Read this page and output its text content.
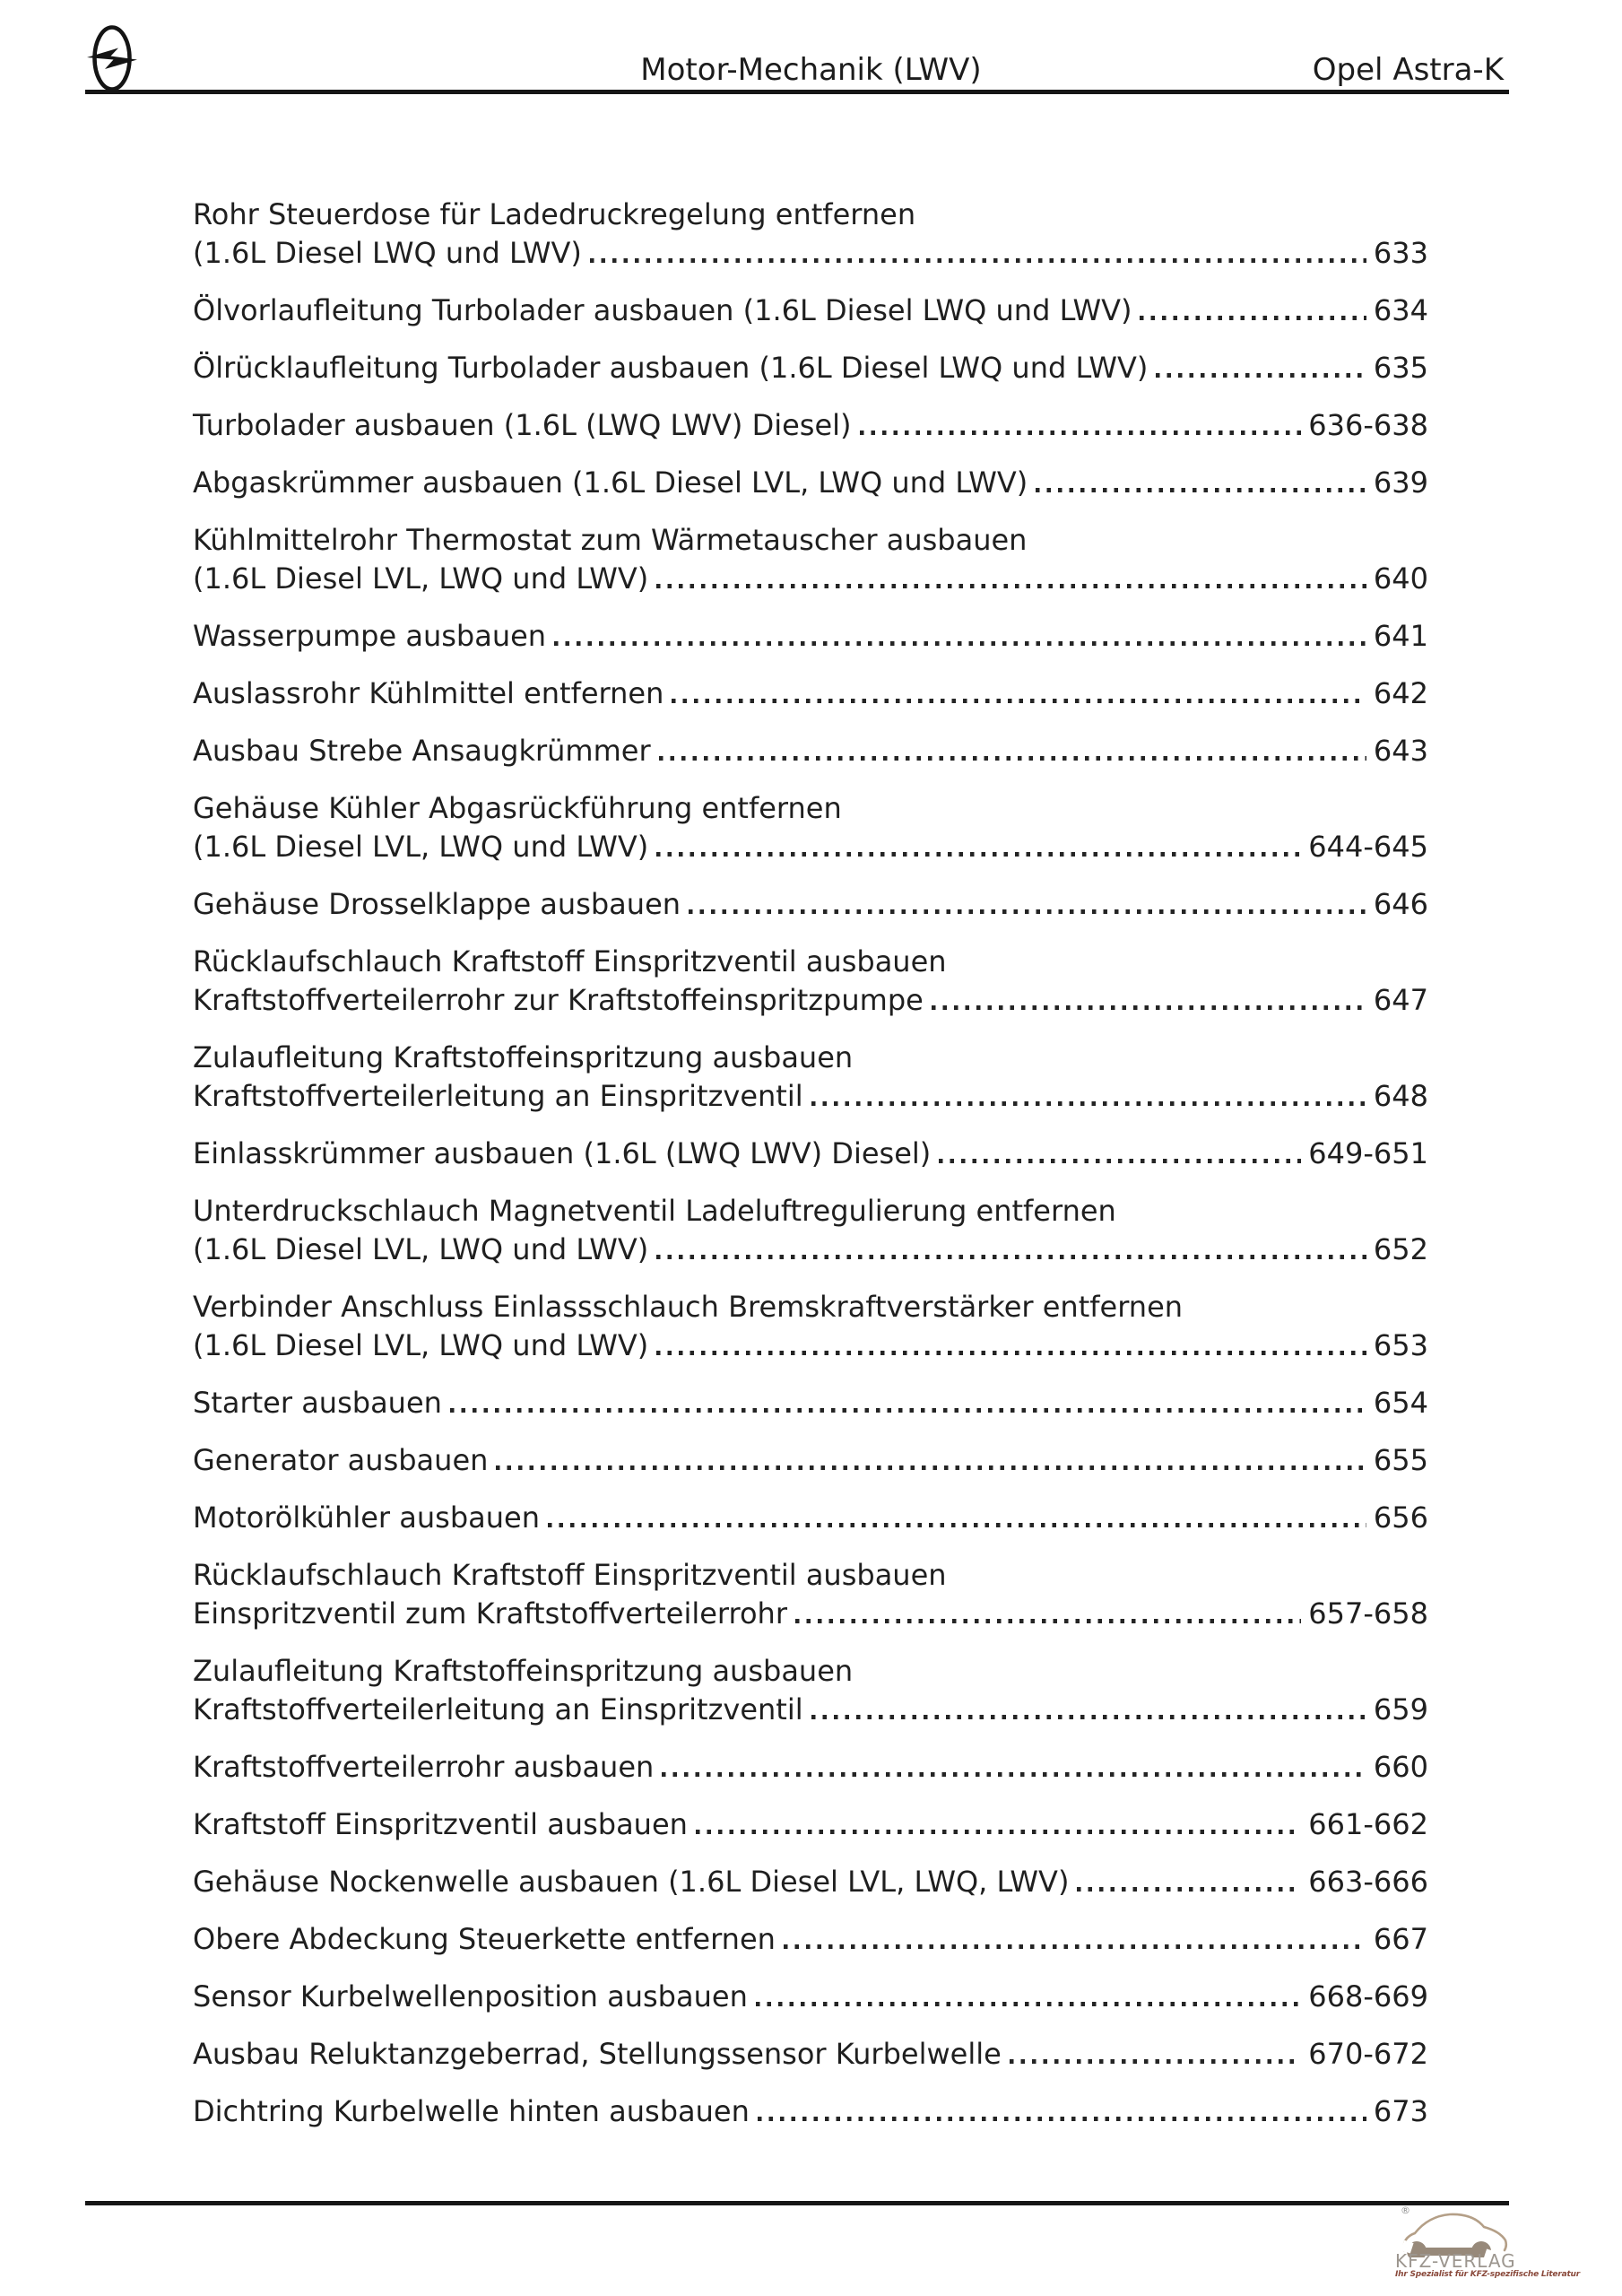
Motor-Mechanik (LWV)	Opel Astra-K
Rohr Steuerdose für Ladedruckregelung entfernen
(1.6L Diesel LWQ und LWV)	633
Ölvorlaufleitung Turbolader ausbauen (1.6L Diesel LWQ und LWV)	634
Ölrücklaufleitung Turbolader ausbauen (1.6L Diesel LWQ und LWV)	635
Turbolader ausbauen (1.6L (LWQ LWV) Diesel)	636-638
Abgaskrümmer ausbauen (1.6L Diesel LVL, LWQ und LWV)	639
Kühlmittelrohr Thermostat zum Wärmetauscher ausbauen
(1.6L Diesel LVL, LWQ und LWV)	640
Wasserpumpe ausbauen	641
Auslassrohr Kühlmittel entfernen	642
Ausbau Strebe Ansaugkrümmer	643
Gehäuse Kühler Abgasrückführung entfernen
(1.6L Diesel LVL, LWQ und LWV)	644-645
Gehäuse Drosselklappe ausbauen	646
Rücklaufschlauch Kraftstoff Einspritzventil ausbauen
Kraftstoffverteilerrohr zur Kraftstoffeinspritzpumpe	647
Zulaufleitung Kraftstoffeinspritzung ausbauen
Kraftstoffverteilerleitung an Einspritzventil	648
Einlasskrümmer ausbauen (1.6L (LWQ LWV) Diesel)	649-651
Unterdruckschlauch Magnetventil Ladeluftregulierung entfernen
(1.6L Diesel LVL, LWQ und LWV)	652
Verbinder Anschluss Einlassschlauch Bremskraftverstärker entfernen
(1.6L Diesel LVL, LWQ und LWV)	653
Starter ausbauen	654
Generator ausbauen	655
Motorölkühler ausbauen	656
Rücklaufschlauch Kraftstoff Einspritzventil ausbauen
Einspritzventil zum Kraftstoffverteilerrohr	657-658
Zulaufleitung Kraftstoffeinspritzung ausbauen
Kraftstoffverteilerleitung an Einspritzventil	659
Kraftstoffverteilerrohr ausbauen	660
Kraftstoff Einspritzventil ausbauen	661-662
Gehäuse Nockenwelle ausbauen (1.6L Diesel LVL, LWQ, LWV)	663-666
Obere Abdeckung Steuerkette entfernen	667
Sensor Kurbelwellenposition ausbauen	668-669
Ausbau Reluktanzgeberrad, Stellungssensor Kurbelwelle	670-672
Dichtring Kurbelwelle hinten ausbauen	673
®
KFZ-VERLAG
Ihr Spezialist für KFZ-spezifische Literatur
